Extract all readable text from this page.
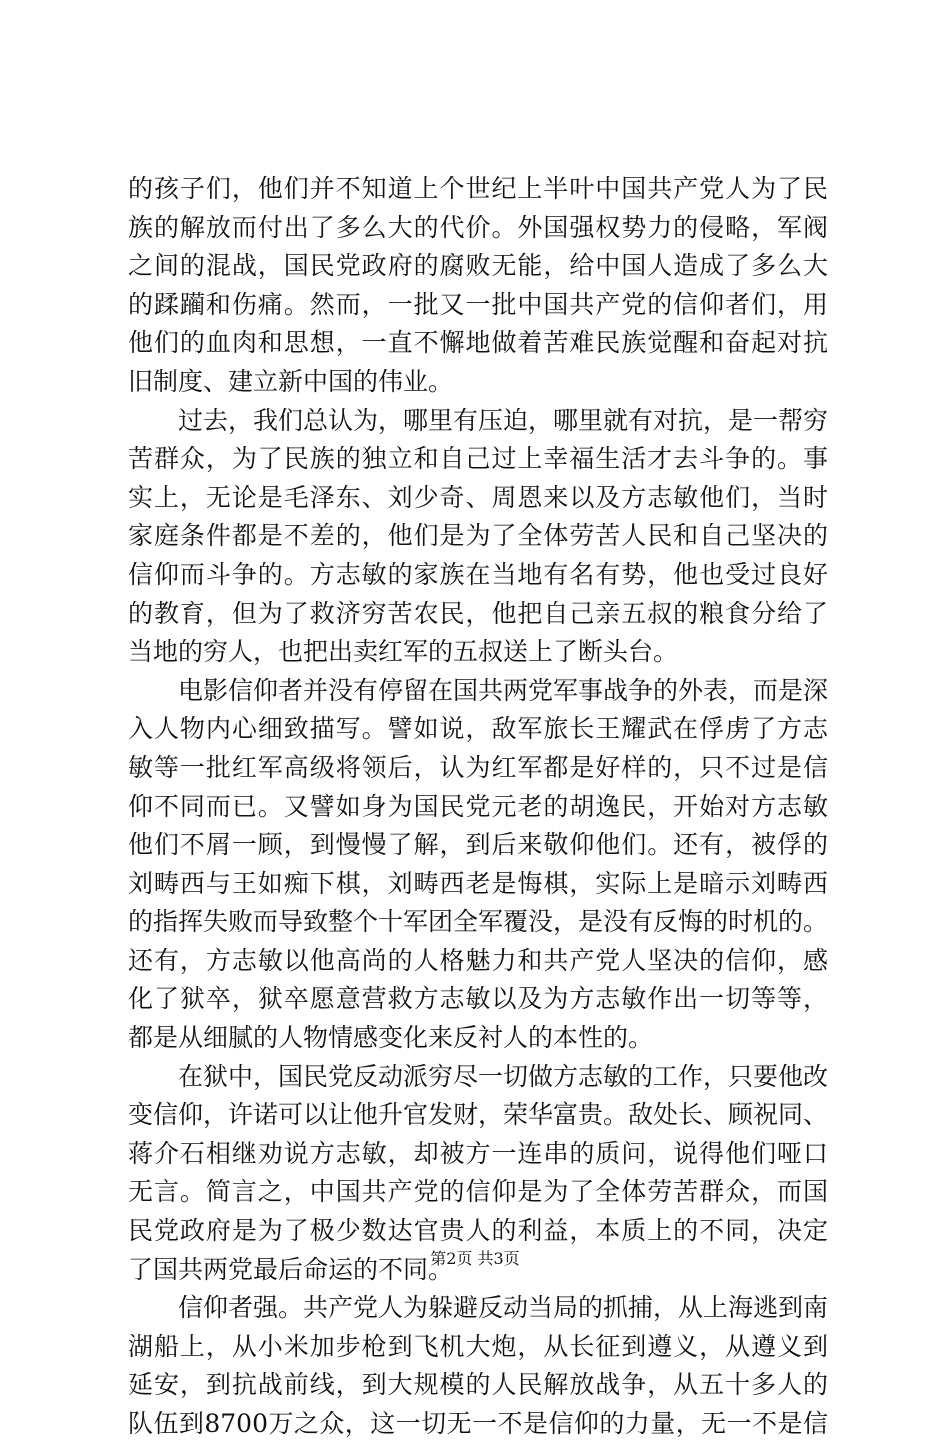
的孩子们，他们并不知道上个世纪上半叶中国共产党人为了民
族的解放而付出了多么大的代价。外国强权势力的侵略，军阀
之间的混战，国民党政府的腐败无能，给中国人造成了多么大
的蹂躏和伤痛。然而，一批又一批中国共产党的信仰者们，用
他们的血肉和思想，一直不懈地做着苦难民族觉醒和奋起对抗
旧制度、建立新中国的伟业。
　　过去，我们总认为，哪里有压迫，哪里就有对抗，是一帮穷
苦群众，为了民族的独立和自己过上幸福生活才去斗争的。事
实上，无论是毛泽东、刘少奇、周恩来以及方志敏他们，当时
家庭条件都是不差的，他们是为了全体劳苦人民和自己坚决的
信仰而斗争的。方志敏的家族在当地有名有势，他也受过良好
的教育，但为了救济穷苦农民，他把自己亲五叔的粮食分给了
当地的穷人，也把出卖红军的五叔送上了断头台。
　　电影信仰者并没有停留在国共两党军事战争的外表，而是深
入人物内心细致描写。譬如说，敌军旅长王耀武在俘虏了方志
敏等一批红军高级将领后，认为红军都是好样的，只不过是信
仰不同而已。又譬如身为国民党元老的胡逸民，开始对方志敏
他们不屑一顾，到慢慢了解，到后来敬仰他们。还有，被俘的
刘畴西与王如痴下棋，刘畴西老是悔棋，实际上是暗示刘畴西
的指挥失败而导致整个十军团全军覆没，是没有反悔的时机的。
还有，方志敏以他高尚的人格魅力和共产党人坚决的信仰，感
化了狱卒，狱卒愿意营救方志敏以及为方志敏作出一切等等，
都是从细腻的人物情感变化来反衬人的本性的。
　　在狱中，国民党反动派穷尽一切做方志敏的工作，只要他改
变信仰，许诺可以让他升官发财，荣华富贵。敌处长、顾祝同、
蒋介石相继劝说方志敏，却被方一连串的质问，说得他们哑口
无言。简言之，中国共产党的信仰是为了全体劳苦群众，而国
民党政府是为了极少数达官贵人的利益，本质上的不同，决定
了国共两党最后命运的不同。
　　信仰者强。共产党人为躲避反动当局的抓捕，从上海逃到南
湖船上，从小米加步枪到飞机大炮，从长征到遵义，从遵义到
延安，到抗战前线，到大规模的人民解放战争，从五十多人的
队伍到8700万之众，这一切无一不是信仰的力量，无一不是信
第2页 共3页
